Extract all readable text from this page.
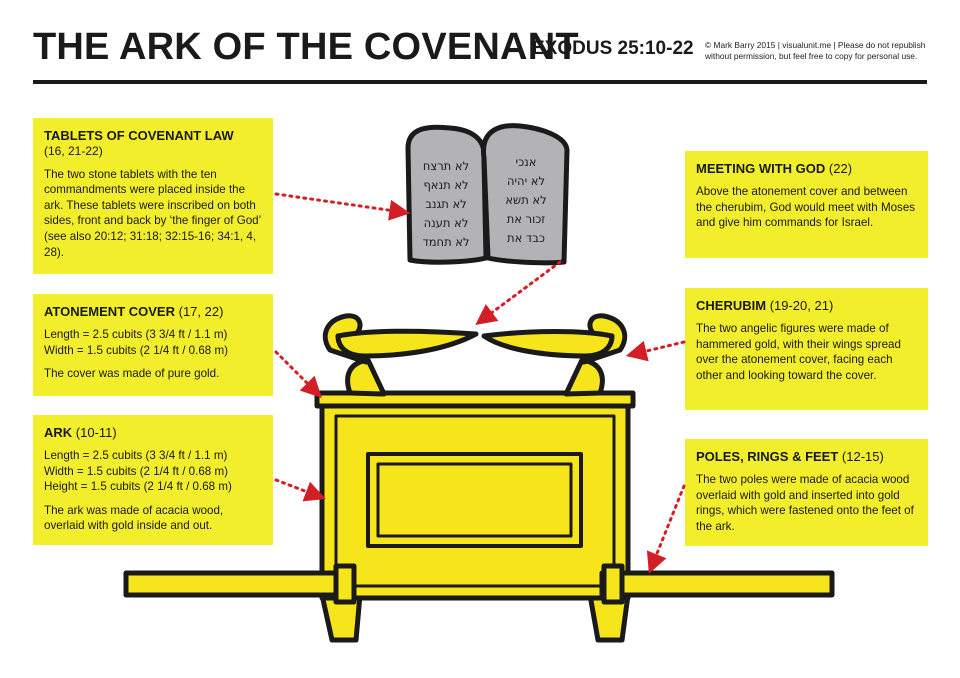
THE ARK OF THE COVENANT
EXODUS 25:10-22 © Mark Barry 2015 | visualunit.me | Please do not republish without permission, but feel free to copy for personal use.
TABLETS OF COVENANT LAW

(16, 21-22)

The two stone tablets with the ten commandments were placed inside the ark. These tablets were inscribed on both sides, front and back by ‘the finger of God’ (see also 20:12; 31:18; 32:15-16; 34:1, 4, 28).

ATONEMENT COVER (17, 22)

Length = 2.5 cubits (3 3/4 ft / 1.1 m)

Width = 1.5 cubits (2 1/4 ft / 0.68 m)

The cover was made of pure gold.

ARK (10-11)

Length = 2.5 cubits (3 3/4 ft / 1.1 m)

Width = 1.5 cubits (2 1/4 ft / 0.68 m)

Height = 1.5 cubits (2 1/4 ft / 0.68 m)

The ark was made of acacia wood, overlaid with gold inside and out.

MEETING WITH GOD (22)

Above the atonement cover and between the cherubim, God would meet with Moses and give him commands for Israel.

CHERUBIM (19-20, 21)

The two angelic figures were made of hammered gold, with their wings spread over the atonement cover, facing each other and looking toward the cover.

POLES, RINGS & FEET (12-15)

The two poles were made of acacia wood overlaid with gold and inserted into gold rings, which were fastened onto the feet of the ark.

לא תרצח
לא תנאף
לא תגנב
לא תענה
לא תחמד
אנכי
לא יהיה
לא תשא
זכור את
כבד את
